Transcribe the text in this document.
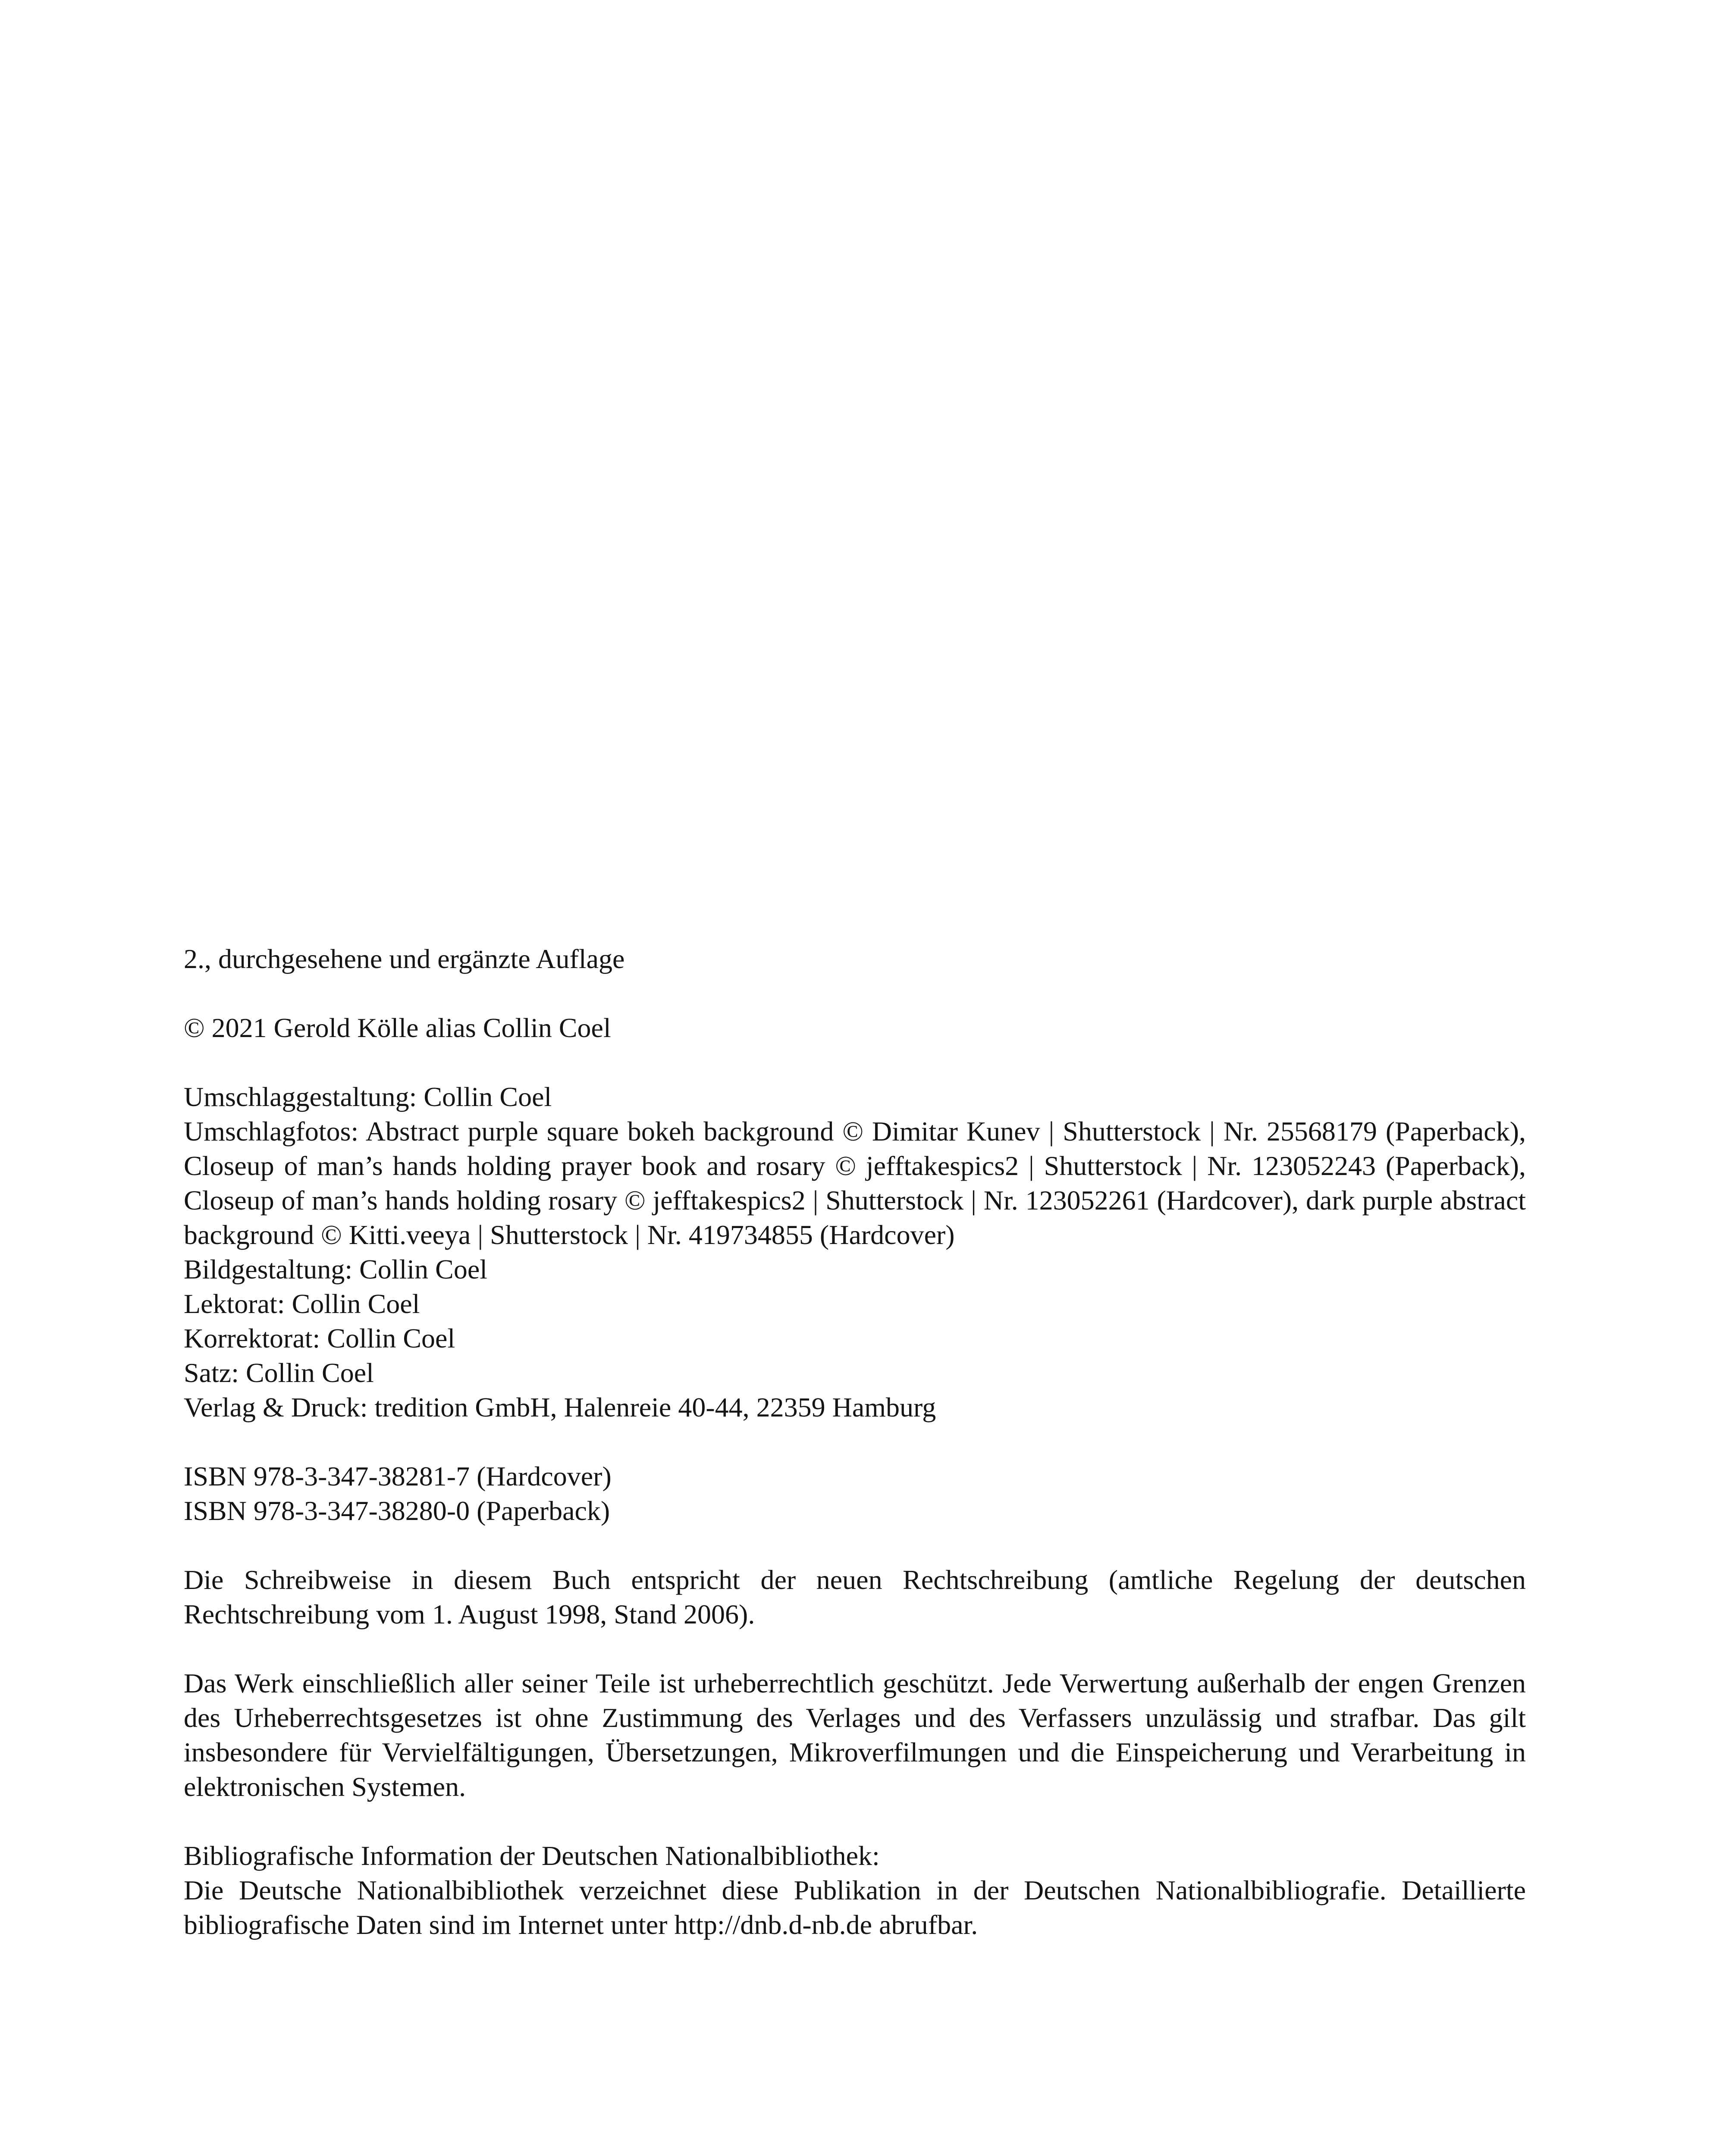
2., durchgesehene und ergänzte Auflage
© 2021 Gerold Kölle alias Collin Coel
Umschlaggestaltung: Collin Coel
Umschlagfotos: Abstract purple square bokeh background © Dimitar Kunev | Shutterstock | Nr. 25568179 (Paperback), Closeup of man’s hands holding prayer book and rosary © jefftakespics2 | Shutterstock | Nr. 123052243 (Paperback), Closeup of man’s hands holding rosary © jefftakespics2 | Shutterstock | Nr. 123052261 (Hardcover), dark purple abstract background © Kitti.veeya | Shutterstock | Nr. 419734855 (Hardcover)
Bildgestaltung: Collin Coel
Lektorat: Collin Coel
Korrektorat: Collin Coel
Satz: Collin Coel
Verlag & Druck: tredition GmbH, Halenreie 40-44, 22359 Hamburg
ISBN 978-3-347-38281-7 (Hardcover)
ISBN 978-3-347-38280-0 (Paperback)
Die Schreibweise in diesem Buch entspricht der neuen Rechtschreibung (amtliche Regelung der deutschen Rechtschreibung vom 1. August 1998, Stand 2006).
Das Werk einschließlich aller seiner Teile ist urheberrechtlich geschützt. Jede Verwertung außerhalb der engen Grenzen des Urheberrechtsgesetzes ist ohne Zustimmung des Verlages und des Verfassers unzulässig und strafbar. Das gilt insbesondere für Vervielfältigungen, Übersetzungen, Mikroverfilmungen und die Einspeicherung und Verarbeitung in elektronischen Systemen.
Bibliografische Information der Deutschen Nationalbibliothek:
Die Deutsche Nationalbibliothek verzeichnet diese Publikation in der Deutschen Nationalbibliografie. Detaillierte bibliografische Daten sind im Internet unter http://dnb.d-nb.de abrufbar.
